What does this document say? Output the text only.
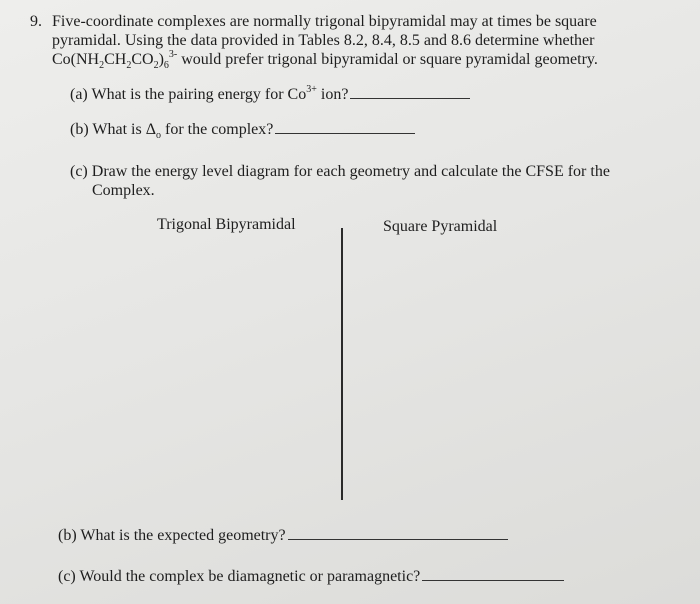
9. Five-coordinate complexes are normally trigonal bipyramidal may at times be square
pyramidal. Using the data provided in Tables 8.2, 8.4, 8.5 and 8.6 determine whether
$Co(NH_2CH_2CO_2)_6^{3-}$ would prefer trigonal bipyramidal or square pyramidal geometry.
(a) What is the pairing energy for $Co^{3+}$ ion?
(b) What is $\Delta_o$ for the complex?
(c) Draw the energy level diagram for each geometry and calculate the CFSE for the
Complex.
Trigonal Bipyramidal	Square Pyramidal
(b) What is the expected geometry?
(c) Would the complex be diamagnetic or paramagnetic?
